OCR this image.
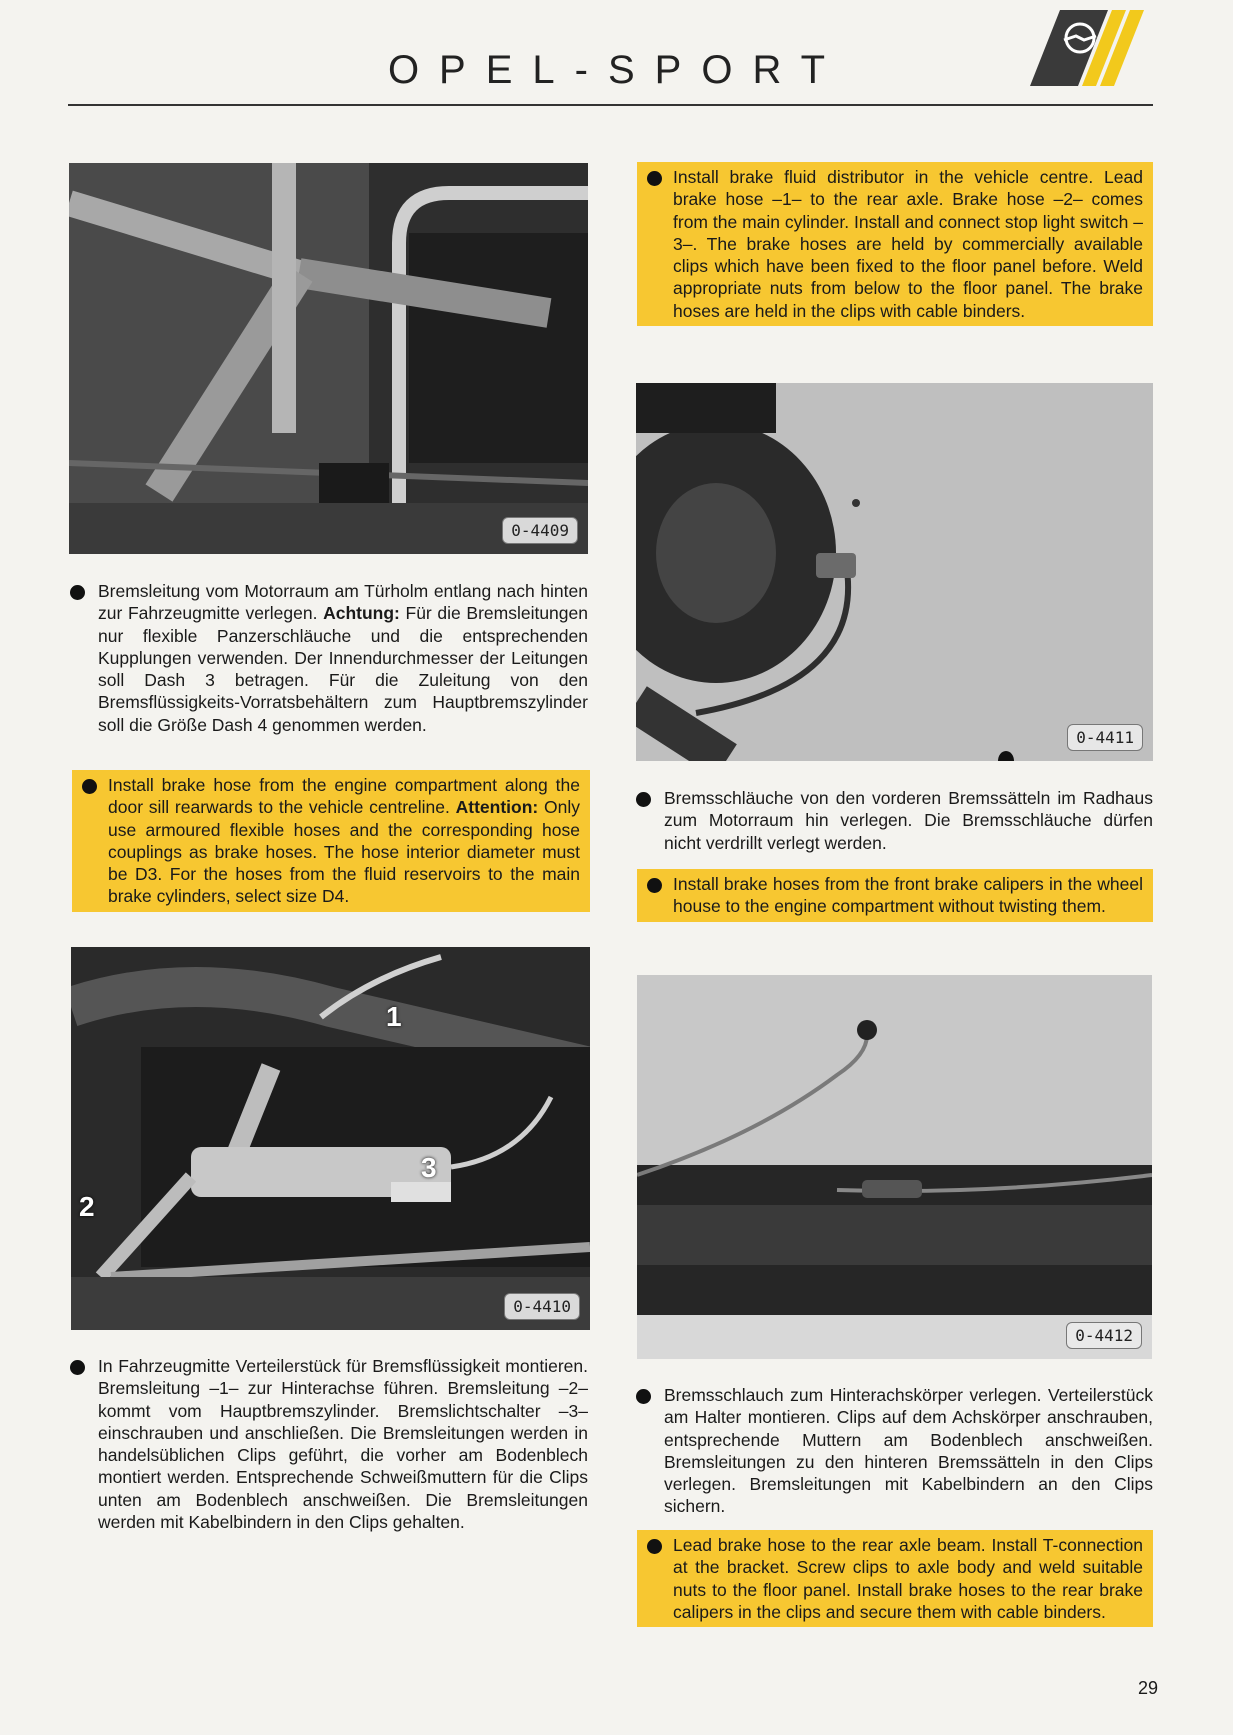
OPEL-SPORT
0-4409
1
2
3
0-4410
0-4411
0-4412
Bremsleitung vom Motorraum am Türholm entlang nach hinten zur Fahrzeugmitte verlegen. Achtung: Für die Bremsleitungen nur flexible Panzerschläuche und die entsprechenden Kupplungen verwenden. Der Innendurchmesser der Leitungen soll Dash 3 betragen. Für die Zuleitung von den Bremsflüssigkeits-Vorratsbehältern zum Hauptbremszylinder soll die Größe Dash 4 genommen werden.
Install brake hose from the engine compartment along the door sill rearwards to the vehicle centreline. Attention: Only use armoured flexible hoses and the corresponding hose couplings as brake hoses. The hose interior diameter must be D3. For the hoses from the fluid reservoirs to the main brake cylinders, select size D4.
In Fahrzeugmitte Verteilerstück für Bremsflüssigkeit montieren. Bremsleitung –1– zur Hinterachse führen. Bremsleitung –2– kommt vom Hauptbremszylinder. Bremslichtschalter –3– einschrauben und anschließen. Die Bremsleitungen werden in handelsüblichen Clips geführt, die vorher am Bodenblech montiert werden. Entsprechende Schweißmuttern für die Clips unten am Bodenblech anschweißen. Die Bremsleitungen werden mit Kabelbindern in den Clips gehalten.
Install brake fluid distributor in the vehicle centre. Lead brake hose –1– to the rear axle. Brake hose –2– comes from the main cylinder. Install and connect stop light switch –3–. The brake hoses are held by commercially available clips which have been fixed to the floor panel before. Weld appropriate nuts from below to the floor panel. The brake hoses are held in the clips with cable binders.
Bremsschläuche von den vorderen Bremssätteln im Radhaus zum Motorraum hin verlegen. Die Bremsschläuche dürfen nicht verdrillt verlegt werden.
Install brake hoses from the front brake calipers in the wheel house to the engine compartment without twisting them.
Bremsschlauch zum Hinterachskörper verlegen. Verteilerstück am Halter montieren. Clips auf dem Achskörper anschrauben, entsprechende Muttern am Bodenblech anschweißen. Bremsleitungen zu den hinteren Bremssätteln in den Clips verlegen. Bremsleitungen mit Kabelbindern an den Clips sichern.
Lead brake hose to the rear axle beam. Install T-connection at the bracket. Screw clips to axle body and weld suitable nuts to the floor panel. Install brake hoses to the rear brake calipers in the clips and secure them with cable binders.
29
